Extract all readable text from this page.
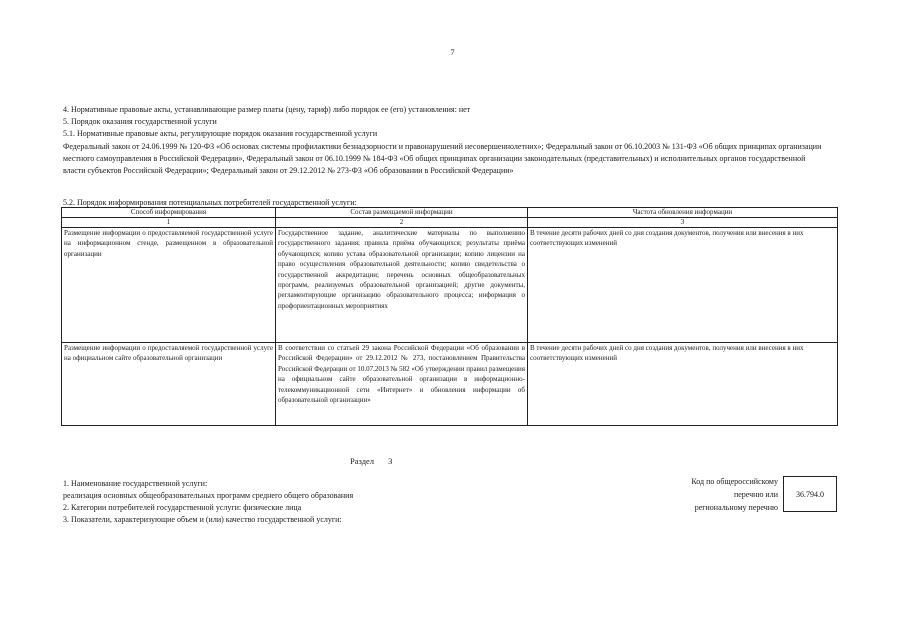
7
4. Нормативные правовые акты, устанавливающие размер платы (цену, тариф) либо порядок ее (его) установления: нет
5. Порядок оказания государственной услуги
5.1. Нормативные правовые акты, регулирующие порядок оказания государственной услуги
Федеральный закон от 24.06.1999 № 120-ФЗ «Об основах системы профилактики безнадзорности и правонарушений несовершеннолетних»; Федеральный закон от 06.10.2003 № 131-ФЗ «Об общих принципах организации местного самоуправления в Российской Федерации», Федеральный закон от 06.10.1999 № 184-ФЗ «Об общих принципах организации законодательных (представительных) и исполнительных органов государственной власти субъектов Российской Федерации»; Федеральный закон от 29.12.2012 № 273-ФЗ «Об образовании в Российской Федерации»
5.2. Порядок информирования потенциальных потребителей государственной услуги:
Способ информирования	Состав размещаемой информации	Частота обновления информации
1	2	3
Размещение информации о предоставляемой государственной услуге на информационном стенде, размещенном в образовательной организации	Государственное задание, аналитические материалы по выполнению государственного задания; правила приёма обучающихся; результаты приёма обучающихся; копию устава образовательной организации; копию лицензии на право осуществления образовательной деятельности; копию свидетельства о государственной аккредитации; перечень основных общеобразовательных программ, реализуемых образовательной организацией; другие документы, регламентирующие организацию образовательного процесса; информация о профориентационных мероприятиях	В течение десяти рабочих дней со дня создания документов, получения или внесения в них соответствующих изменений
Размещение информации о предоставляемой государственной услуге на официальном сайте образовательной организации	В соответствии со статьей 29 закона Российской Федерации «Об образовании в Российской Федерации» от 29.12.2012 № 273, постановлением Правительства Российской Федерации от 10.07.2013 № 582 «Об утверждении правил размещения на официальном сайте образовательной организации в информационно-телекоммуникационной сети «Интернет» и обновления информации об образовательной организации»	В течение десяти рабочих дней со дня создания документов, получения или внесения в них соответствующих изменений
Раздел 3
1. Наименование государственной услуги:
реализация основных общеобразовательных программ среднего общего образования
2. Категории потребителей государственной услуги: физические лица
3. Показатели, характеризующие объем и (или) качество государственной услуги:
Код по общероссийскому
перечню или
региональному перечню
36.794.0
